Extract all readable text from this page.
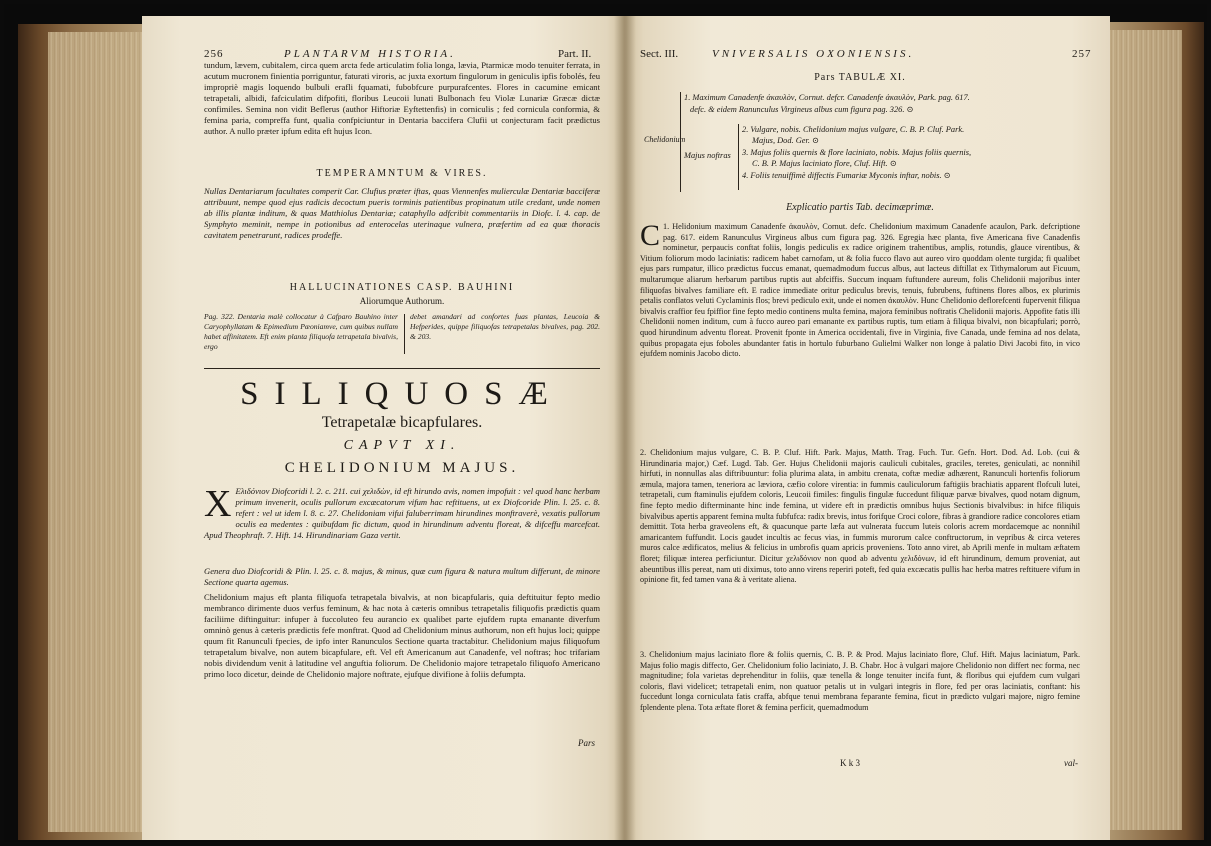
256	PLANTARVM HISTORIA.	Part. II.
tundum, lævem, cubitalem, circa quem arcta fede articulatim folia longa, lævia, Ptarmicæ modo tenuiter ferrata, in acutum mucronem finientia porriguntur, faturati viroris, ac juxta exortum fingulorum in geniculis ipfis fobolés, feu impropriè magis loquendo bulbuli erafli fquamati, fubobfcure purpurafcentes. Flores in cacumine emicant tetrapetali, albidi, fafciculatim difpofiti, floribus Leucoii lunati Bulbonach feu Violæ Lunariæ Græcæ dictæ confimiles. Semina non vidit Beflerus (author Hiftoriæ Eyftettenfis) in corniculis ; fed cornicula conformia, & femina paria, compreffa funt, qualia confpiciuntur in Dentaria baccifera Clufii ut conjecturam facit prædictus author. A nullo præter ipfum edita eft hujus Icon.
TEMPERAMNTUM & VIRES.
Nullas Dentariarum facultates comperit Car. Clufius præter iftas, quas Viennenfes mulierculæ Dentariæ bacciferæ attribuunt, nempe quod ejus radicis decoctum pueris torminis patientibus propinatum utile credant, unde nomen ab illis plantæ inditum, & quas Matthiolus Dentariæ; cataphyllo adfcribit commentariis in Diofc. l. 4. cap. de Symphyto meminit, nempe in potionibus ad enterocelas uterinaque vulnera, præfertim ad ea quæ thoracis cavitatem penetrarunt, radices prodeffe.
HALLUCINATIONES CASP. BAUHINI
Aliorumque Authorum.
Pag. 322. Dentaria malè collocatur à Cafparo Bauhino inter Caryophyllatam & Epimedium Pæoniamve, cum quibus nullam habet affinitatem. Eft enim planta filiquofa tetrapetala bivalvis, ergo
debet amandari ad confortes fuas plantas, Leucoia & Hefperides, quippe filiquofas tetrapetalas bivalves, pag. 202. & 203.
SILIQUOSÆ
Tetrapetalæ bicapfulares.
CAPVT XI.
CHELIDONIUM MAJUS.
X Eλιδόνιον Diofcoridi l. 2. c. 211. cui χελιδὼν, id eft hirundo avis, nomen impofuit : vel quod hanc herbam primum invenerit, oculis pullorum excæcatorum vifum hac reftituens, ut ex Diofcoride Plin. l. 25. c. 8. refert : vel ut idem l. 8. c. 27. Chelidoniam vifui faluberrimam hirundines monftraverè, vexatis pullorum oculis ea medentes : quibufdam fic dictum, quod in hirundinum adventu floreat, & difceffu marcefcat. Apud Theophraft. 7. Hift. 14. Hirundinariam Gaza vertit.
Genera duo Diofcoridi & Plin. l. 25. c. 8. majus, & minus, quæ cum figura & natura multum differunt, de minore Sectione quarta agemus.
Chelidonium majus eft planta filiquofa tetrapetala bivalvis, at non bicapfularis, quia deftituitur fepto medio membranco dirimente duos verfus feminum, & hac nota à cæteris omnibus tetrapetalis filiquofis prædictis quam faciliime diftinguitur: infuper à fuccoluteo feu aurancio ex qualibet parte ejufdem rupta emanante diverfum omninò genus à cæteris prædictis fefe monftrat. Quod ad Chelidonium minus authorum, non eft hujus loci; quippe quum fit Ranunculi fpecies, de ipfo inter Ranunculos Sectione quarta tractabitur. Chelidonium majus filiquofum tetrapetalum bivalve, non autem bicapfulare, eft. Vel eft Americanum aut Canadenfe, vel noftras; hoc trifariam nobis dividendum venit à latitudine vel anguftia foliorum. De Chelidonio majore tetrapetalo filiquofo Americano primo loco dicetur, deinde de Chelidonio majore noftrate, ejufque divifione à foliis defumpta.
Pars
Sect. III.	VNIVERSALIS OXONIENSIS.	257
Pars TABULÆ XI.
Chelidonium
1. Maximum Canadenfe ἀκαυλὸν, Cornut. defcr. Canadenfe ἀκαυλὸν, Park. pag. 617.
defc. & eidem Ranunculus Virgineus albus cum figura pag. 326. ⊙
Majus noftras
2. Vulgare, nobis. Chelidonium majus vulgare, C. B. P. Cluf. Park.
Majus, Dod. Ger. ⊙
3. Majus foliis quernis & flore laciniato, nobis. Majus foliis quernis,
C. B. P. Majus laciniato flore, Cluf. Hift. ⊙
4. Foliis tenuiffimè diffectis Fumariæ Myconis inftar, nobis. ⊙
Explicatio partis Tab. decimæprimæ.
C 1. Helidonium maximum Canadenfe ἀκαυλὸν, Cornut. defc. Chelidonium maximum Canadenfe acaulon, Park. defcriptione pag. 617. eidem Ranunculus Virgineus albus cum figura pag. 326. Egregia hæc planta, five Americana five Canadenfis nominetur, perpaucis conftat foliis, longis pediculis ex radice originem trahentibus, amplis, rotundis, glauce virentibus, & Vitium foliorum modo laciniatis: radicem habet carnofam, ut & folia fucco flavo aut aureo viro quoddam olente turgida; fi qualibet ejus pars rumpatur, illico prædictus fuccus emanat, quemadmodum fuccus albus, aut lacteus diftillat ex Tithymalorum aut Ficuum, multarumque aliarum herbarum partibus ruptis aut abfciffis. Succum inquam fuftundere aureum, folis Chelidonii majoribus inter filiquofas bivalves familiare eft. E radice immediate oritur pediculus brevis, tenuis, fubrubens, fuftinens flores albos, ex plurimis petalis conflatos veluti Cyclaminis flos; brevi pediculo exit, unde ei nomen ἀκαυλὸν. Hunc Chelidonio deflorefcenti fupervenit filiqua bivalvis craffior feu fpiffior fine fepto medio continens multa femina, majora feminibus noftratis Chelidonii majoris. Appofite fatis illi Chelidonii nomen inditum, cum à fucco aureo pari emanante ex partibus ruptis, tum etiam à filiqua bivalvi, non bicapfulari; porrò, quod hirundinum adventu floreat. Provenit fponte in America occidentali, five in Virginia, five Canada, unde femina ad nos delata, quibus propagata ejus foboles abundanter fatis in hortulo fuburbano Gulielmi Walker non longe à palatio Divi Jacobi fito, in vico ejufdem nominis Jacobo dicto.
2. Chelidonium majus vulgare, C. B. P. Cluf. Hift. Park. Majus, Matth. Trag. Fuch. Tur. Gefn. Hort. Dod. Ad. Lob. (cui & Hirundinaria major,) Cæf. Lugd. Tab. Ger. Hujus Chelidonii majoris cauliculi cubitales, graciles, teretes, geniculati, ac nonnihil hirfuti, in nonnullas alas diftribuuntur: folia plurima alata, in ambitu crenata, coftæ mediæ adhærent, Ranunculi hortenfis foliorum æmula, majora tamen, teneriora ac læviora, cæfio colore virentia: in fummis cauliculorum faftigiis brachiatis apparent flofculi lutei, tetrapetali, cum ftaminulis ejufdem coloris, Leucoii fimiles: fingulis fingulæ fuccedunt filiquæ parvæ bivalves, quod notam dignum, fine fepto medio difterminante hinc inde femina, ut videre eft in prædictis omnibus hujus Sectionis bivalvibus: in hifce filiquis bivalvibus apertis apparent femina multa fubfufca: radix brevis, intus forifque Croci colore, fibras à grandiore radice concolores etiam demittit. Tota herba graveolens eft, & quacunque parte læfa aut vulnerata fuccum luteis coloris acrem mordacemque ac nonnihil amaricantem fuffundit. Locis gaudet incultis ac fecus vias, in fummis murorum calce conftructorum, in vepribus & circa veteres muros calce ædificatos, melius & felicius in umbrofis quam apricis proveniens. Toto anno viret, ab Aprili menfe in multam æftatem floret; filiquæ interea perficiuntur. Dicitur χελιδόνιον non quod ab adventu χελιδόνων, id eft hirundinum, demum proveniat, aut abeuntibus illis pereat, nam uti diximus, toto anno virens reperiri poteft, fed quia excæcatis pullis hac herba matres reftituere vifum in opinione fit, fed tamen vana & à veritate aliena.
3. Chelidonium majus laciniato flore & foliis quernis, C. B. P. & Prod. Majus laciniato flore, Cluf. Hift. Majus laciniatum, Park. Majus folio magis diffecto, Ger. Chelidonium folio laciniato, J. B. Chabr. Hoc à vulgari majore Chelidonio non differt nec forma, nec magnitudine; fola varietas deprehenditur in foliis, quæ tenella & longe tenuiter incifa funt, & floribus qui ejufdem cum vulgari coloris, flavi videlicet; tetrapetali enim, non quatuor petalis ut in vulgari integris in flore, fed per oras laciniatis, conftant: his fuccedunt longa corniculata fatis craffa, abfque tenui membrana feparante femina, ficut in prædicto vulgari majore, nigro femine fplendente plena. Tota æftate floret & femina perficit, quemadmodum
K k 3	val-
